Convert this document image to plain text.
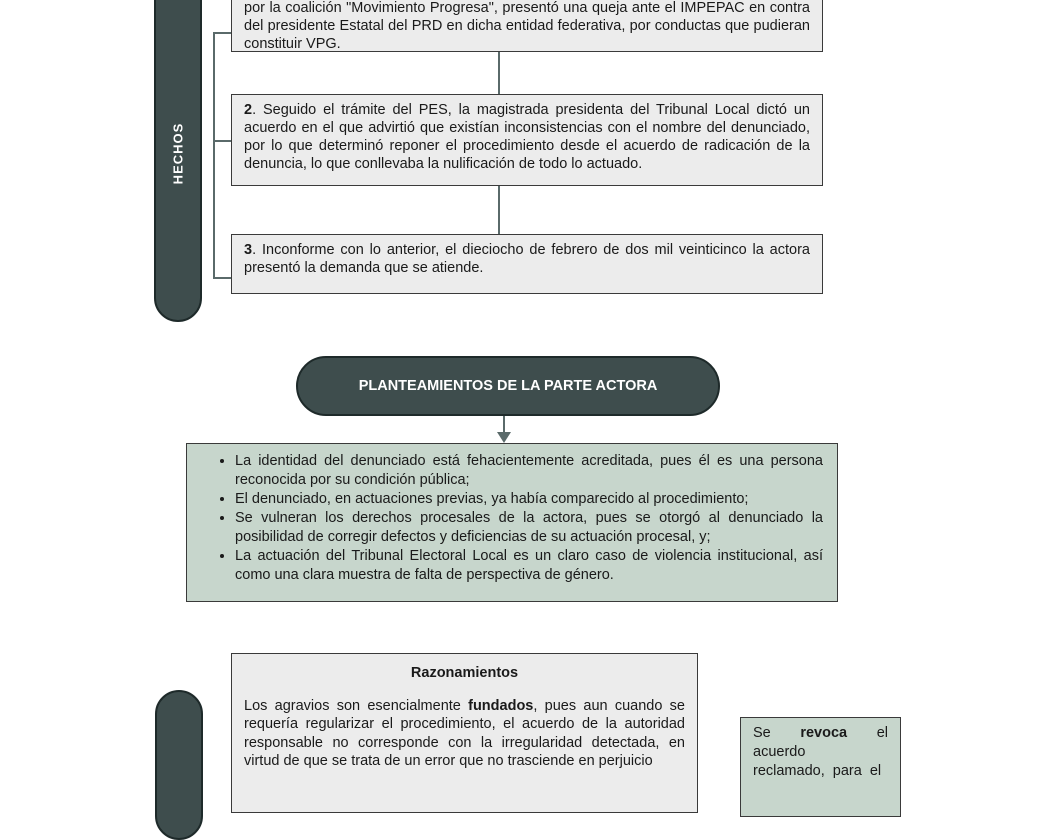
HECHOS
por la coalición "Movimiento Progresa", presentó una queja ante el IMPEPAC en contra del presidente Estatal del PRD en dicha entidad federativa, por conductas que pudieran constituir VPG.
2. Seguido el trámite del PES, la magistrada presidenta del Tribunal Local dictó un acuerdo en el que advirtió que existían inconsistencias con el nombre del denunciado, por lo que determinó reponer el procedimiento desde el acuerdo de radicación de la denuncia, lo que conllevaba la nulificación de todo lo actuado.
3. Inconforme con lo anterior, el dieciocho de febrero de dos mil veinticinco la actora presentó la demanda que se atiende.
PLANTEAMIENTOS DE LA PARTE ACTORA
• La identidad del denunciado está fehacientemente acreditada, pues él es una persona reconocida por su condición pública;
• El denunciado, en actuaciones previas, ya había comparecido al procedimiento;
• Se vulneran los derechos procesales de la actora, pues se otorgó al denunciado la posibilidad de corregir defectos y deficiencias de su actuación procesal, y;
• La actuación del Tribunal Electoral Local es un claro caso de violencia institucional, así como una clara muestra de falta de perspectiva de género.
Razonamientos
Los agravios son esencialmente fundados, pues aun cuando se requería regularizar el procedimiento, el acuerdo de la autoridad responsable no corresponde con la irregularidad detectada, en virtud de que se trata de un error que no trasciende en perjuicio
Se revoca el
acuerdo
reclamado,  para  el
